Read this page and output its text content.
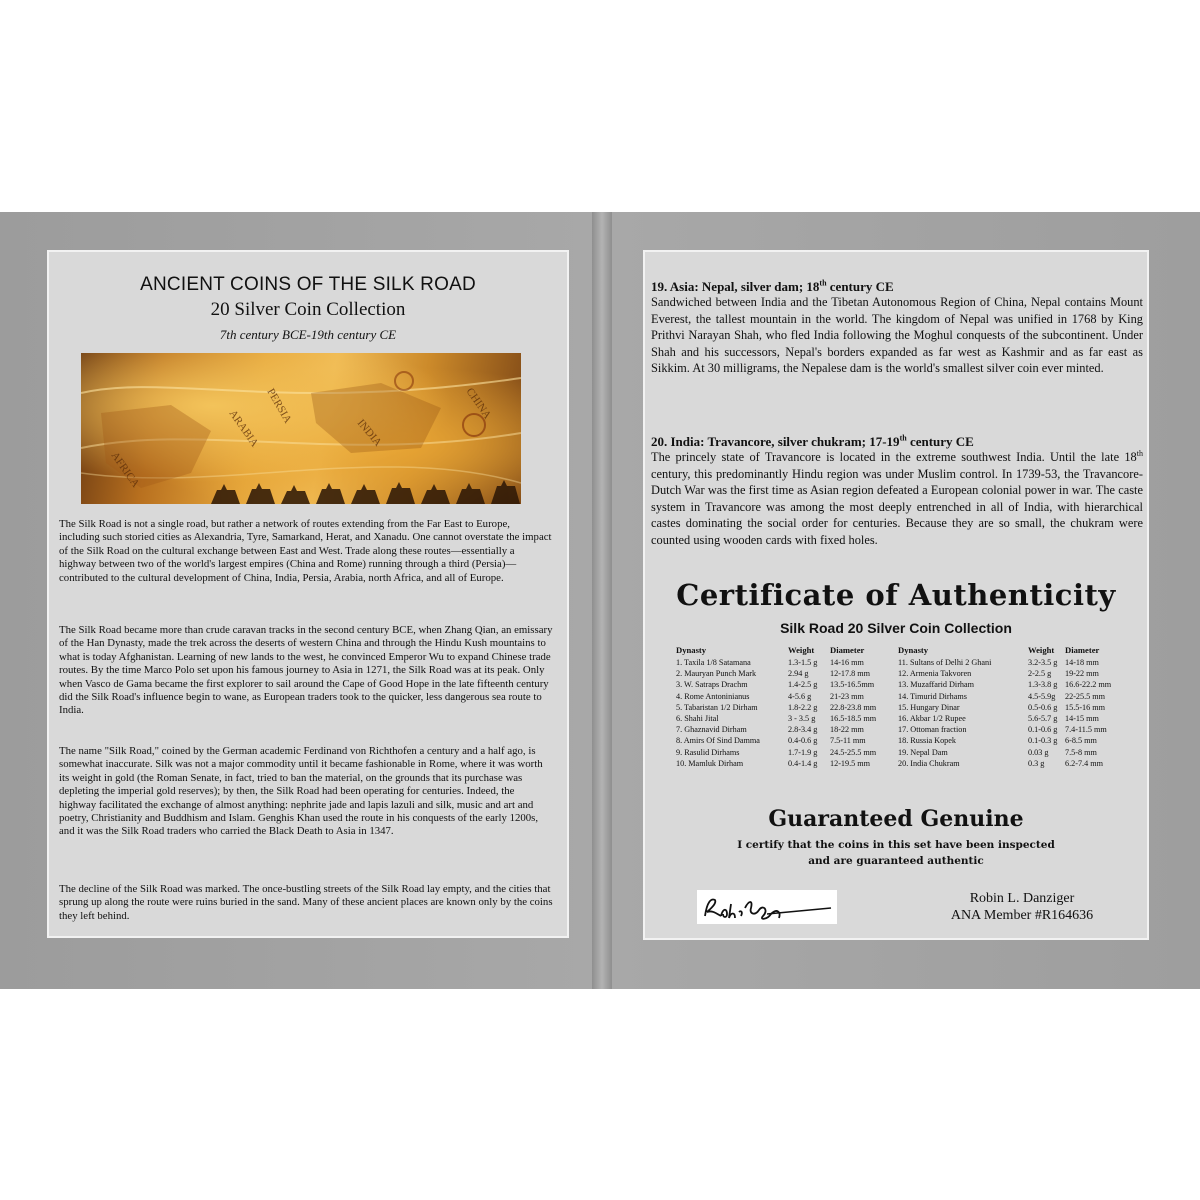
ANCIENT COINS OF THE SILK ROAD
20 Silver Coin Collection
7th century BCE-19th century CE
CHINA
INDIA
PERSIA
ARABIA
AFRICA
The Silk Road is not a single road, but rather a network of routes extending from the Far East to Europe, including such storied cities as Alexandria, Tyre, Samarkand, Herat, and Xanadu. One cannot overstate the impact of the Silk Road on the cultural exchange between East and West. Trade along these routes—essentially a highway between two of the world's largest empires (China and Rome) running through a third (Persia)—contributed to the cultural development of China, India, Persia, Arabia, north Africa, and all of Europe.
The Silk Road became more than crude caravan tracks in the second century BCE, when Zhang Qian, an emissary of the Han Dynasty, made the trek across the deserts of western China and through the Hindu Kush mountains to what is today Afghanistan. Learning of new lands to the west, he convinced Emperor Wu to expand Chinese trade routes. By the time Marco Polo set upon his famous journey to Asia in 1271, the Silk Road was at its peak. Only when Vasco de Gama became the first explorer to sail around the Cape of Good Hope in the late fifteenth century did the Silk Road's influence begin to wane, as European traders took to the quicker, less dangerous sea route to India.
The name "Silk Road," coined by the German academic Ferdinand von Richthofen a century and a half ago, is somewhat inaccurate. Silk was not a major commodity until it became fashionable in Rome, where it was worth its weight in gold (the Roman Senate, in fact, tried to ban the material, on the grounds that its purchase was depleting the imperial gold reserves); by then, the Silk Road had been operating for centuries. Indeed, the highway facilitated the exchange of almost anything: nephrite jade and lapis lazuli and silk, music and art and poetry, Christianity and Buddhism and Islam. Genghis Khan used the route in his conquests of the early 1200s, and it was the Silk Road traders who carried the Black Death to Asia in 1347.
The decline of the Silk Road was marked. The once-bustling streets of the Silk Road lay empty, and the cities that sprung up along the route were ruins buried in the sand. Many of these ancient places are known only by the coins they left behind.
19. Asia: Nepal, silver dam; 18th century CE
Sandwiched between India and the Tibetan Autonomous Region of China, Nepal contains Mount Everest, the tallest mountain in the world. The kingdom of Nepal was unified in 1768 by King Prithvi Narayan Shah, who fled India following the Moghul conquests of the subcontinent. Under Shah and his successors, Nepal's borders expanded as far west as Kashmir and as far east as Sikkim. At 30 milligrams, the Nepalese dam is the world's smallest silver coin ever minted.
20. India: Travancore, silver chukram; 17-19th century CE
The princely state of Travancore is located in the extreme southwest India. Until the late 18th century, this predominantly Hindu region was under Muslim control. In 1739-53, the Travancore-Dutch War was the first time as Asian region defeated a European colonial power in war. The caste system in Travancore was among the most deeply entrenched in all of India, with hierarchical castes dominating the social order for centuries. Because they are so small, the chukram were counted using wooden cards with fixed holes.
Certificate of Authenticity
Silk Road 20 Silver Coin Collection
Dynasty	Weight	Diameter
1. Taxila 1/8 Satamana	1.3-1.5 g	14-16 mm
2. Mauryan Punch Mark	2.94 g	12-17.8 mm
3. W. Satraps Drachm	1.4-2.5 g	13.5-16.5mm
4. Rome Antoninianus	4-5.6 g	21-23 mm
5. Tabaristan 1/2 Dirham	1.8-2.2 g	22.8-23.8 mm
6. Shahi Jital	3 - 3.5 g	16.5-18.5 mm
7. Ghaznavid Dirham	2.8-3.4 g	18-22 mm
8. Amirs Of Sind Damma	0.4-0.6 g	7.5-11 mm
9. Rasulid Dirhams	1.7-1.9 g	24.5-25.5 mm
10. Mamluk Dirham	0.4-1.4 g	12-19.5 mm
Dynasty	Weight	Diameter
11. Sultans of Delhi 2 Ghani	3.2-3.5 g	14-18 mm
12. Armenia Takvoren	2-2.5 g	19-22 mm
13. Muzaffarid Dirham	1.3-3.8 g	16.6-22.2 mm
14. Timurid Dirhams	4.5-5.9g	22-25.5 mm
15. Hungary Dinar	0.5-0.6 g	15.5-16 mm
16. Akbar 1/2 Rupee	5.6-5.7 g	14-15 mm
17. Ottoman fraction	0.1-0.6 g	7.4-11.5 mm
18. Russia Kopek	0.1-0.3 g	6-8.5 mm
19. Nepal Dam	0.03 g	7.5-8 mm
20. India Chukram	0.3 g	6.2-7.4 mm
Guaranteed Genuine
I certify that the coins in this set have been inspected
and are guaranteed authentic
Robin L. Danziger
ANA Member #R164636
